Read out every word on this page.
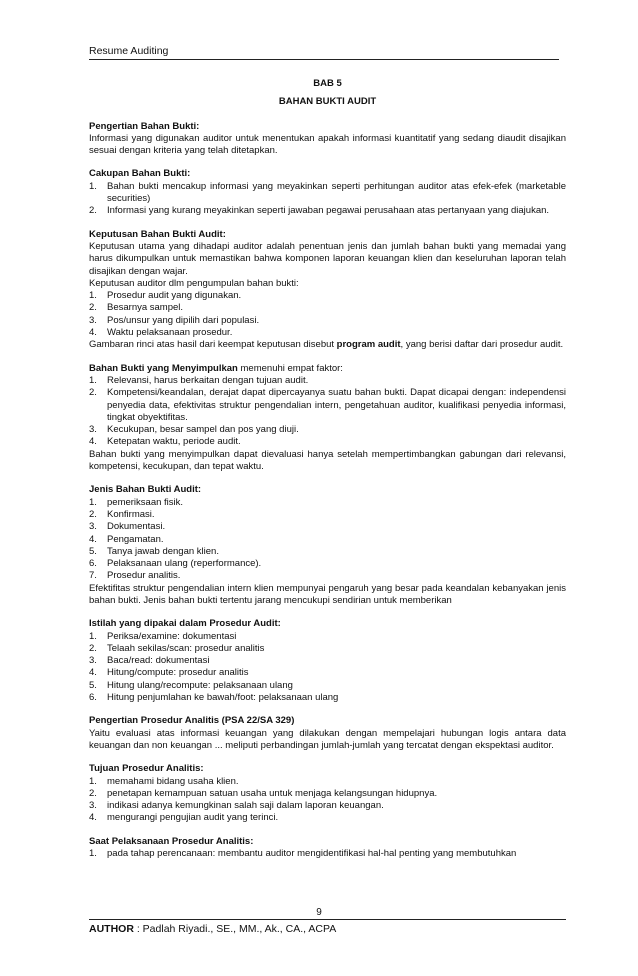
Resume Auditing
BAB 5
BAHAN BUKTI AUDIT
Pengertian Bahan Bukti:

Informasi yang digunakan auditor untuk menentukan apakah informasi kuantitatif yang sedang diaudit disajikan sesuai dengan kriteria yang telah ditetapkan.

Cakupan Bahan Bukti:
1.	Bahan bukti mencakup informasi yang meyakinkan seperti perhitungan auditor atas efek-efek (marketable securities)
2.	Informasi yang kurang meyakinkan seperti jawaban pegawai perusahaan atas pertanyaan yang diajukan.
Keputusan Bahan Bukti Audit:

Keputusan utama yang dihadapi auditor adalah penentuan jenis dan jumlah bahan bukti yang memadai yang harus dikumpulkan untuk memastikan bahwa komponen laporan keuangan klien dan keseluruhan laporan telah disajikan dengan wajar.

Keputusan auditor dlm pengumpulan bahan bukti:

1.	Prosedur audit yang digunakan.
2.	Besarnya sampel.
3.	Pos/unsur yang dipilih dari populasi.
4.	Waktu pelaksanaan prosedur.

Gambaran rinci atas hasil dari keempat keputusan disebut program audit, yang berisi daftar dari prosedur audit.

Bahan Bukti yang Menyimpulkan memenuhi empat faktor:
1.	Relevansi, harus berkaitan dengan tujuan audit.
2.	Kompetensi/keandalan, derajat dapat dipercayanya suatu bahan bukti. Dapat dicapai dengan: independensi penyedia data, efektivitas struktur pengendalian intern, pengetahuan auditor, kualifikasi penyedia informasi, tingkat obyektifitas.
3.	Kecukupan, besar sampel dan pos yang diuji.
4.	Ketepatan waktu, periode audit.

Bahan bukti yang menyimpulkan dapat dievaluasi hanya setelah mempertimbangkan gabungan dari relevansi, kompetensi, kecukupan, dan tepat waktu.

Jenis Bahan Bukti Audit:
1.	pemeriksaan fisik.
2.	Konfirmasi.
3.	Dokumentasi.
4.	Pengamatan.
5.	Tanya jawab dengan klien.
6.	Pelaksanaan ulang (reperformance).
7.	Prosedur analitis.

Efektifitas struktur pengendalian intern klien mempunyai pengaruh yang besar pada keandalan kebanyakan jenis bahan bukti. Jenis bahan bukti tertentu jarang mencukupi sendirian untuk memberikan

Istilah yang dipakai dalam Prosedur Audit:
1.	Periksa/examine: dokumentasi
2.	Telaah sekilas/scan: prosedur analitis
3.	Baca/read: dokumentasi
4.	Hitung/compute: prosedur analitis
5.	Hitung ulang/recompute: pelaksanaan ulang
6.	Hitung penjumlahan ke bawah/foot: pelaksanaan ulang
Pengertian Prosedur Analitis (PSA 22/SA 329)

Yaitu evaluasi atas informasi keuangan yang dilakukan dengan mempelajari hubungan logis antara data keuangan dan non keuangan ... meliputi perbandingan jumlah-jumlah yang tercatat dengan ekspektasi auditor.

Tujuan Prosedur Analitis:
1.	memahami bidang usaha klien.
2.	penetapan kemampuan satuan usaha untuk menjaga kelangsungan hidupnya.
3.	indikasi adanya kemungkinan salah saji dalam laporan keuangan.
4.	mengurangi pengujian audit yang terinci.
Saat Pelaksanaan Prosedur Analitis:
1.	pada tahap perencanaan: membantu auditor mengidentifikasi hal-hal penting yang membutuhkan
9
AUTHOR : Padlah Riyadi., SE., MM., Ak., CA., ACPA
